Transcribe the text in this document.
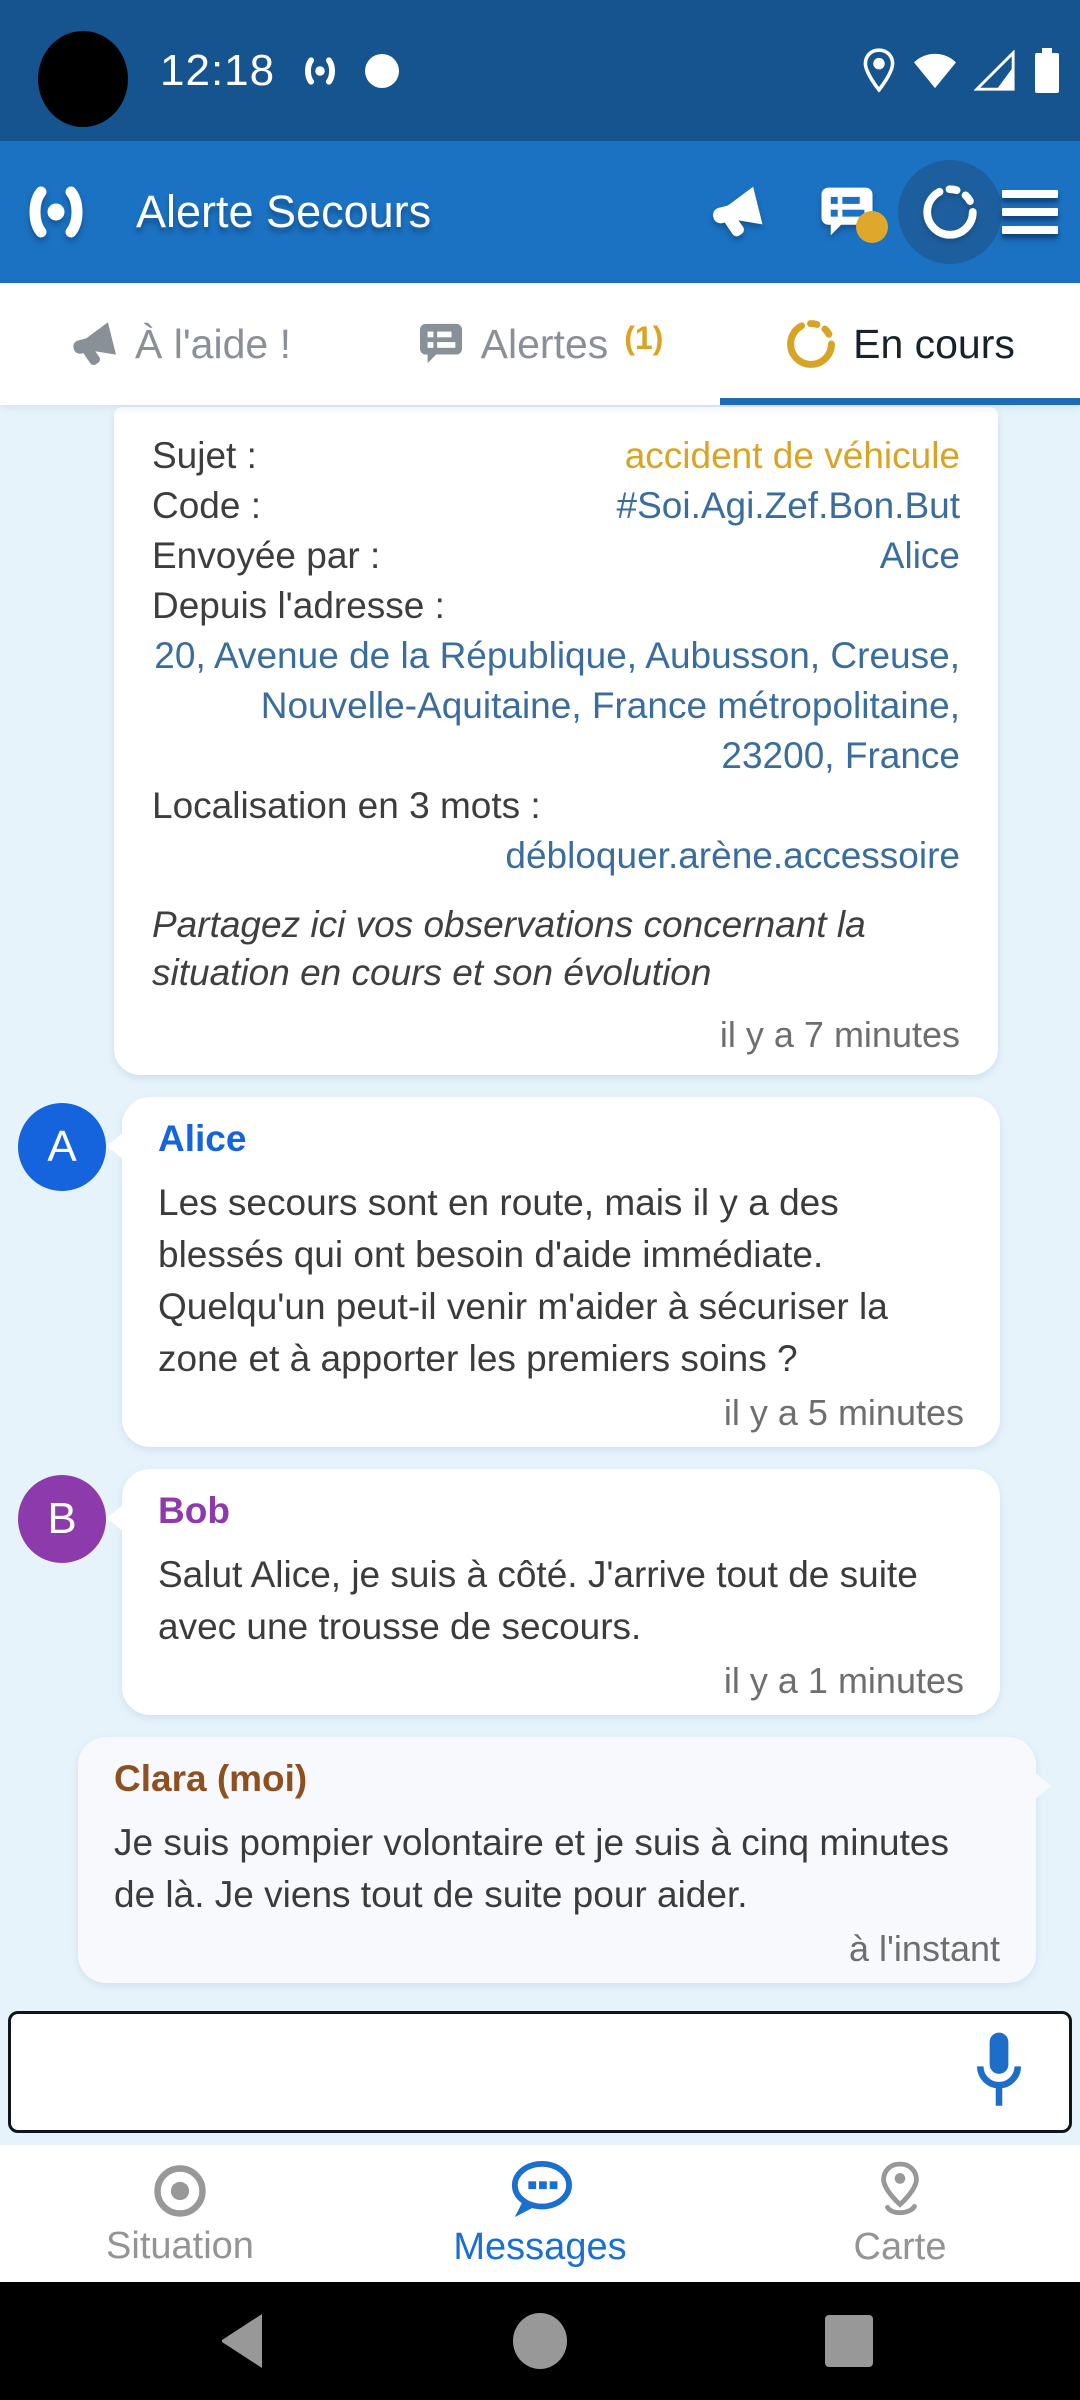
12:18
Alerte Secours
À l'aide !	Alertes (1)	En cours
Sujet :	accident de véhicule
Code :	#Soi.Agi.Zef.Bon.But
Envoyée par :	Alice
Depuis l'adresse :
20, Avenue de la République, Aubusson, Creuse, Nouvelle-Aquitaine, France métropolitaine, 23200, France
Localisation en 3 mots :
débloquer.arène.accessoire
Partagez ici vos observations concernant la situation en cours et son évolution
il y a 7 minutes
A	Alice
Les secours sont en route, mais il y a des blessés qui ont besoin d'aide immédiate. Quelqu'un peut-il venir m'aider à sécuriser la zone et à apporter les premiers soins ?
il y a 5 minutes
B	Bob
Salut Alice, je suis à côté. J'arrive tout de suite avec une trousse de secours.
il y a 1 minutes
Clara (moi)
Je suis pompier volontaire et je suis à cinq minutes de là. Je viens tout de suite pour aider.
à l'instant
Situation	Messages	Carte
